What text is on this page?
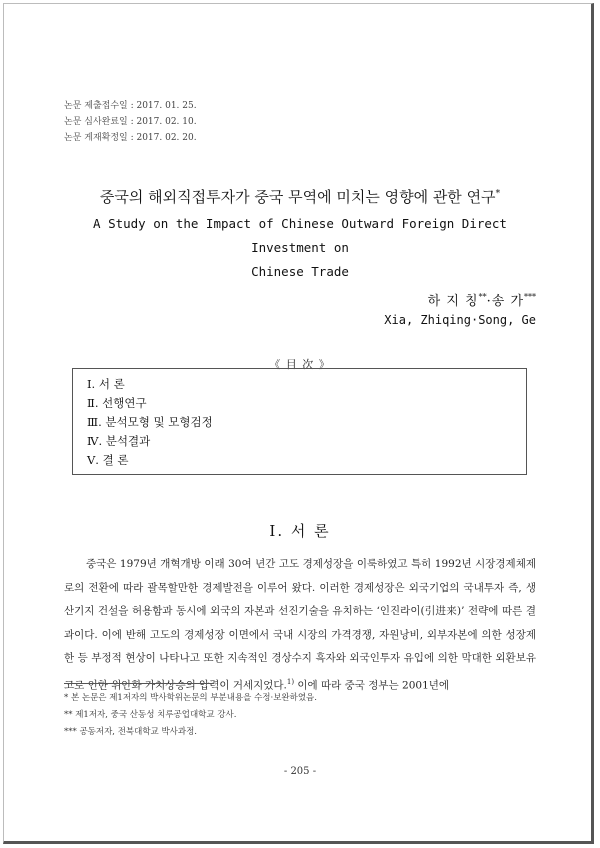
논문 제출접수일 : 2017. 01. 25.
논문 심사완료일 : 2017. 02. 10.
논문 게재확정일 : 2017. 02. 20.
중국의 해외직접투자가 중국 무역에 미치는 영향에 관한 연구*
A Study on the Impact of Chinese Outward Foreign Direct Investment on
Chinese Trade
하 지 칭**·송 가***
Xia, Zhiqing·Song, Ge
《 目 次 》
Ⅰ. 서 론
Ⅱ. 선행연구
Ⅲ. 분석모형 및 모형검정
Ⅳ. 분석결과
Ⅴ. 결 론
Ⅰ. 서 론
중국은 1979년 개혁개방 이래 30여 년간 고도 경제성장을 이룩하였고 특히 1992년 시장경제체제로의 전환에 따라 괄목할만한 경제발전을 이루어 왔다. 이러한 경제성장은 외국기업의 국내투자 즉, 생산기지 건설을 허용함과 동시에 외국의 자본과 선진기술을 유치하는 ‘인진라이(引进来)’ 전략에 따른 결과이다. 이에 반해 고도의 경제성장 이면에서 국내 시장의 가격경쟁, 자원낭비, 외부자본에 의한 성장제한 등 부정적 현상이 나타나고 또한 지속적인 경상수지 흑자와 외국인투자 유입에 의한 막대한 외환보유고로 인한 위안화 가치상승의 압력이 거세지었다.$^{1)}$ 이에 따라 중국 정부는 2001년에
* 본 논문은 제1저자의 박사학위논문의 부분내용을 수정·보완하였음.
** 제1저자, 중국 산동성 치루공업대학교 강사.
*** 공동저자, 전북대학교 박사과정.
- 205 -
